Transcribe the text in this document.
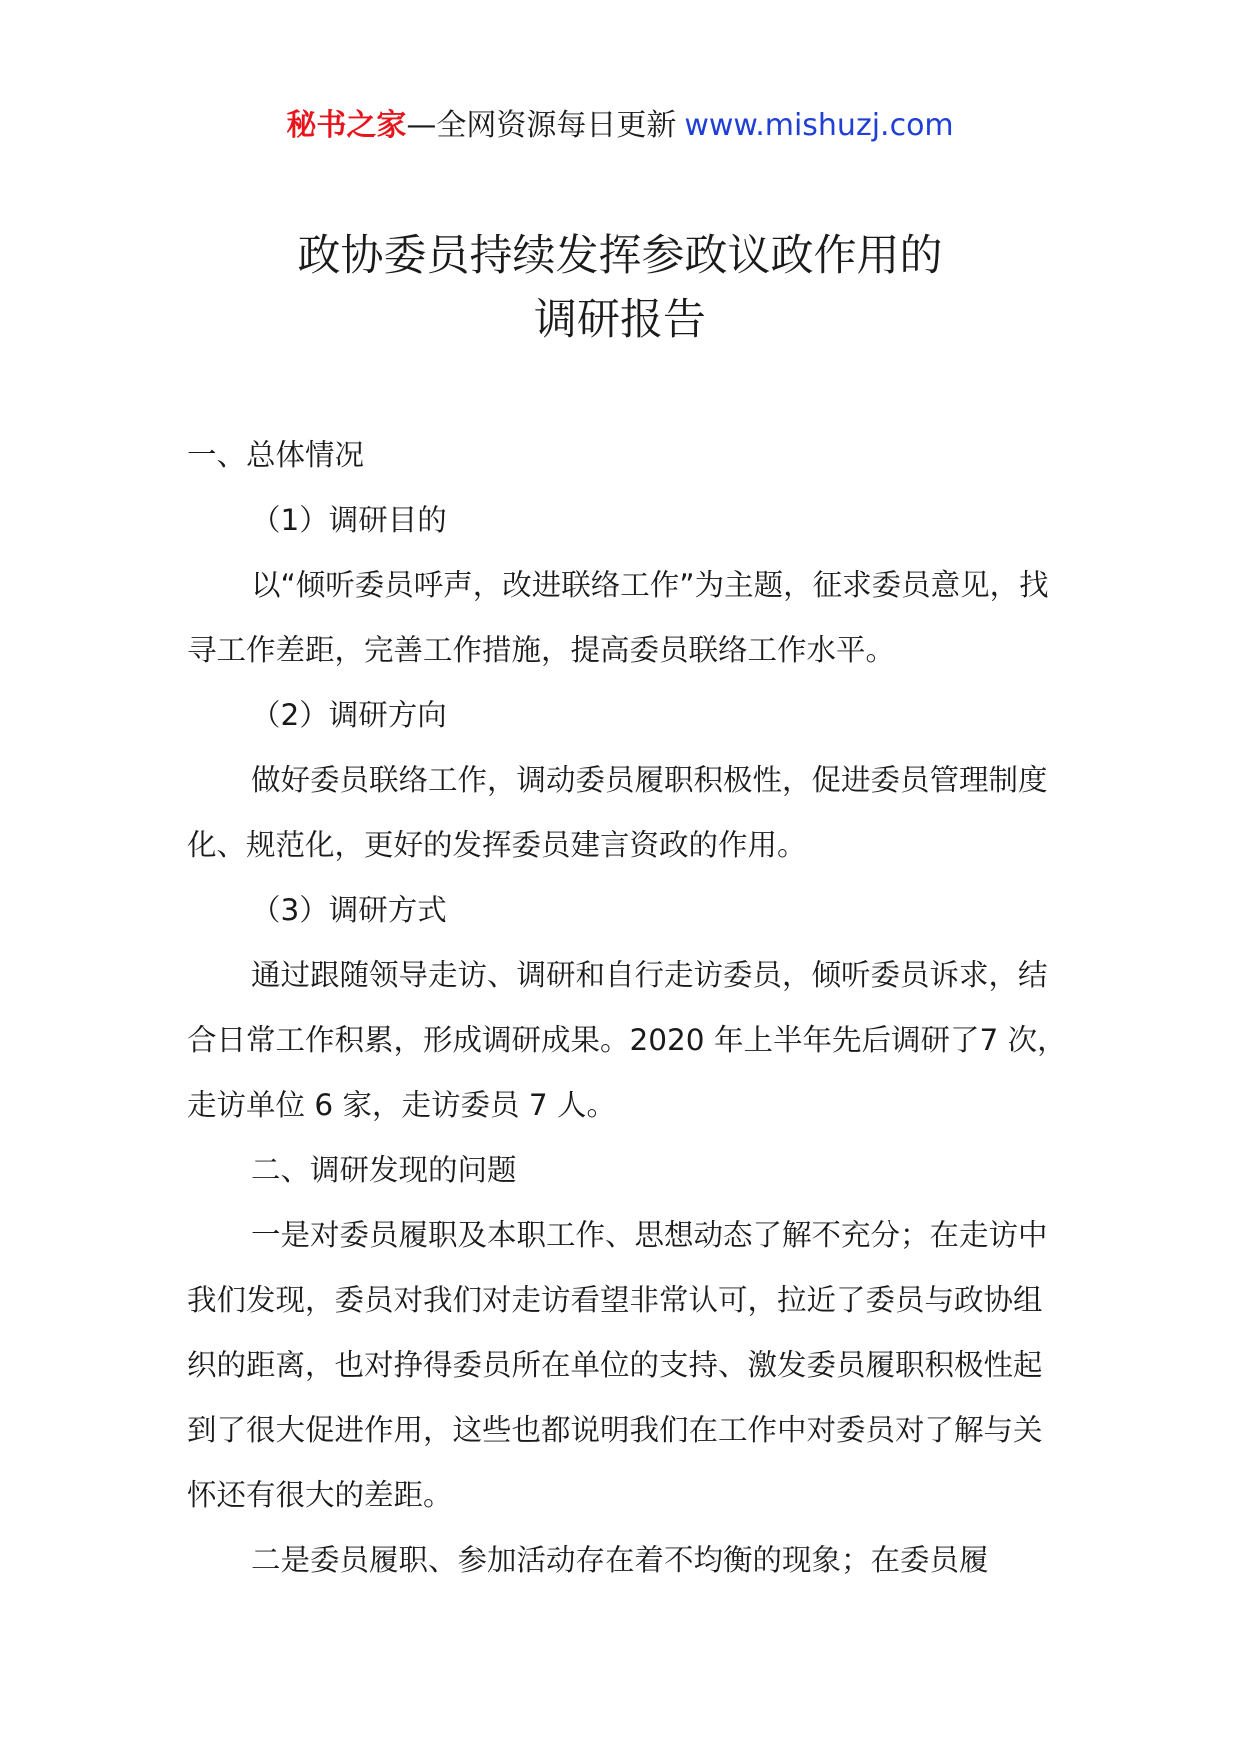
秘书之家—全网资源每日更新 www.mishuzj.com
政协委员持续发挥参政议政作用的
调研报告

一、总体情况

（1）调研目的

以“倾听委员呼声，改进联络工作”为主题，征求委员意见，找寻工作差距，完善工作措施，提高委员联络工作水平。

（2）调研方向

做好委员联络工作，调动委员履职积极性，促进委员管理制度化、规范化，更好的发挥委员建言资政的作用。

（3）调研方式

通过跟随领导走访、调研和自行走访委员，倾听委员诉求，结合日常工作积累，形成调研成果。2020 年上半年先后调研了7 次，走访单位 6 家，走访委员 7 人。

二、调研发现的问题

一是对委员履职及本职工作、思想动态了解不充分；在走访中我们发现，委员对我们对走访看望非常认可，拉近了委员与政协组织的距离，也对挣得委员所在单位的支持、激发委员履职积极性起到了很大促进作用，这些也都说明我们在工作中对委员对了解与关怀还有很大的差距。

二是委员履职、参加活动存在着不均衡的现象；在委员履
